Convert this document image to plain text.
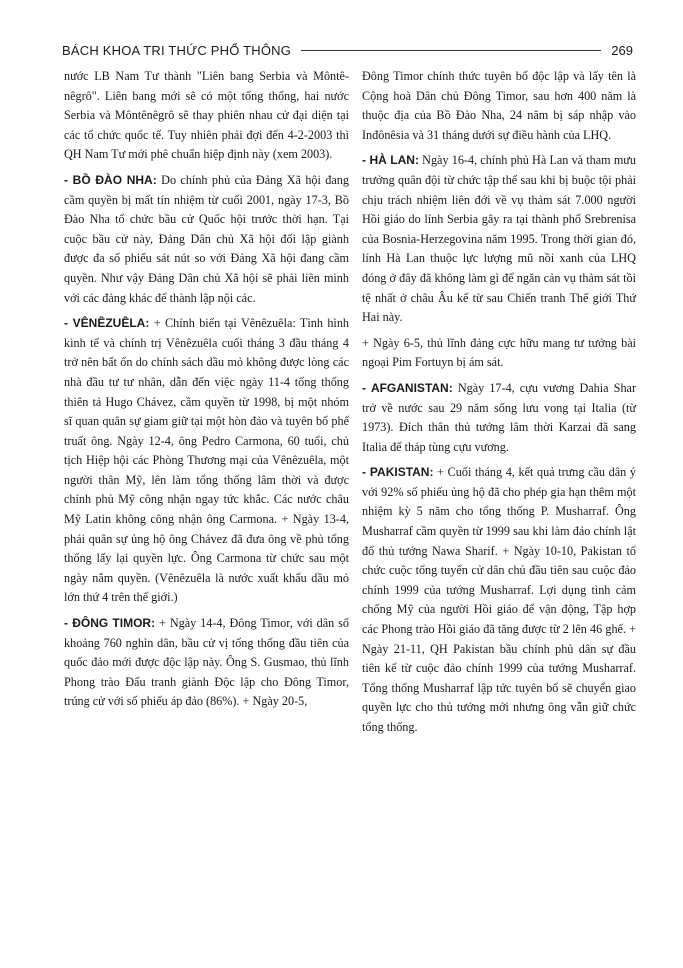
BÁCH KHOA TRI THỨC PHỔ THÔNG	269

nước LB Nam Tư thành "Liên bang Serbia và Môntê-nêgrô". Liên bang mới sẽ có một tổng thống, hai nước Serbia và Môntênêgrô sẽ thay phiên nhau cử đại diện tại các tổ chức quốc tế. Tuy nhiên phải đợi đến 4-2-2003 thì QH Nam Tư mới phê chuẩn hiệp định này (xem 2003).

- BỒ ĐÀO NHA: Do chính phủ của Đảng Xã hội đang cầm quyền bị mất tín nhiệm từ cuối 2001, ngày 17-3, Bồ Đào Nha tổ chức bầu cử Quốc hội trước thời hạn. Tại cuộc bầu cử này, Đảng Dân chủ Xã hội đối lập giành được đa số phiếu sát nút so với Đảng Xã hội đang cầm quyền. Như vậy Đảng Dân chủ Xã hội sẽ phải liên minh với các đảng khác để thành lập nội các.

- VÊNÊZUÊLA: + Chính biến tại Vênêzuêla: Tình hình kinh tế và chính trị Vênêzuêla cuối tháng 3 đầu tháng 4 trở nên bất ổn do chính sách dầu mỏ không được lòng các nhà đầu tư tư nhân, dẫn đến việc ngày 11-4 tổng thống thiên tả Hugo Chávez, cầm quyền từ 1998, bị một nhóm sĩ quan quân sự giam giữ tại một hòn đảo và tuyên bố phế truất ông. Ngày 12-4, ông Pedro Carmona, 60 tuổi, chủ tịch Hiệp hội các Phòng Thương mại của Vênêzuêla, một người thân Mỹ, lên làm tổng thống lâm thời và được chính phủ Mỹ công nhận ngay tức khắc. Các nước châu Mỹ Latin không công nhận ông Carmona. + Ngày 13-4, phái quân sự ủng hộ ông Chávez đã đưa ông về phủ tổng thống lấy lại quyền lực. Ông Carmona từ chức sau một ngày nắm quyền. (Vênêzuêla là nước xuất khẩu dầu mỏ lớn thứ 4 trên thế giới.)

- ĐÔNG TIMOR: + Ngày 14-4, Đông Timor, với dân số khoảng 760 nghìn dân, bầu cử vị tổng thống đầu tiên của quốc đảo mới được độc lập này. Ông S. Gusmao, thủ lĩnh Phong trào Đấu tranh giành Độc lập cho Đông Timor, trúng cử với số phiếu áp đảo (86%). + Ngày 20-5,

Đông Timor chính thức tuyên bố độc lập và lấy tên là Cộng hoà Dân chủ Đông Timor, sau hơn 400 năm là thuộc địa của Bồ Đào Nha, 24 năm bị sáp nhập vào Inđônêsia và 31 tháng dưới sự điều hành của LHQ.

- HÀ LAN: Ngày 16-4, chính phủ Hà Lan và tham mưu trưởng quân đội từ chức tập thể sau khi bị buộc tội phải chịu trách nhiệm liên đới về vụ thảm sát 7.000 người Hồi giáo do lính Serbia gây ra tại thành phố Srebrenisa của Bosnia-Herzegovina năm 1995. Trong thời gian đó, lính Hà Lan thuộc lực lượng mũ nồi xanh của LHQ đóng ở đây đã không làm gì để ngăn cản vụ thảm sát tồi tệ nhất ở châu Âu kể từ sau Chiến tranh Thế giới Thứ Hai này.

+ Ngày 6-5, thủ lĩnh đảng cực hữu mang tư tưởng bài ngoại Pim Fortuyn bị ám sát.

- AFGANISTAN: Ngày 17-4, cựu vương Dahia Shar trở về nước sau 29 năm sống lưu vong tại Italia (từ 1973). Đích thân thủ tướng lâm thời Karzai đã sang Italia để tháp tùng cựu vương.

- PAKISTAN: + Cuối tháng 4, kết quả trưng cầu dân ý với 92% số phiếu ủng hộ đã cho phép gia hạn thêm một nhiệm kỳ 5 năm cho tổng thống P. Musharraf. Ông Musharraf cầm quyền từ 1999 sau khi làm đảo chính lật đổ thủ tướng Nawa Sharif. + Ngày 10-10, Pakistan tổ chức cuộc tổng tuyển cử dân chủ đầu tiên sau cuộc đảo chính 1999 của tướng Musharraf. Lợi dụng tình cảm chống Mỹ của người Hồi giáo để vận động, Tập hợp các Phong trào Hồi giáo đã tăng được từ 2 lên 46 ghế. + Ngày 21-11, QH Pakistan bầu chính phủ dân sự đầu tiên kể từ cuộc đảo chính 1999 của tướng Musharraf. Tổng thống Musharraf lập tức tuyên bố sẽ chuyển giao quyền lực cho thủ tướng mới nhưng ông vẫn giữ chức tổng thống.
